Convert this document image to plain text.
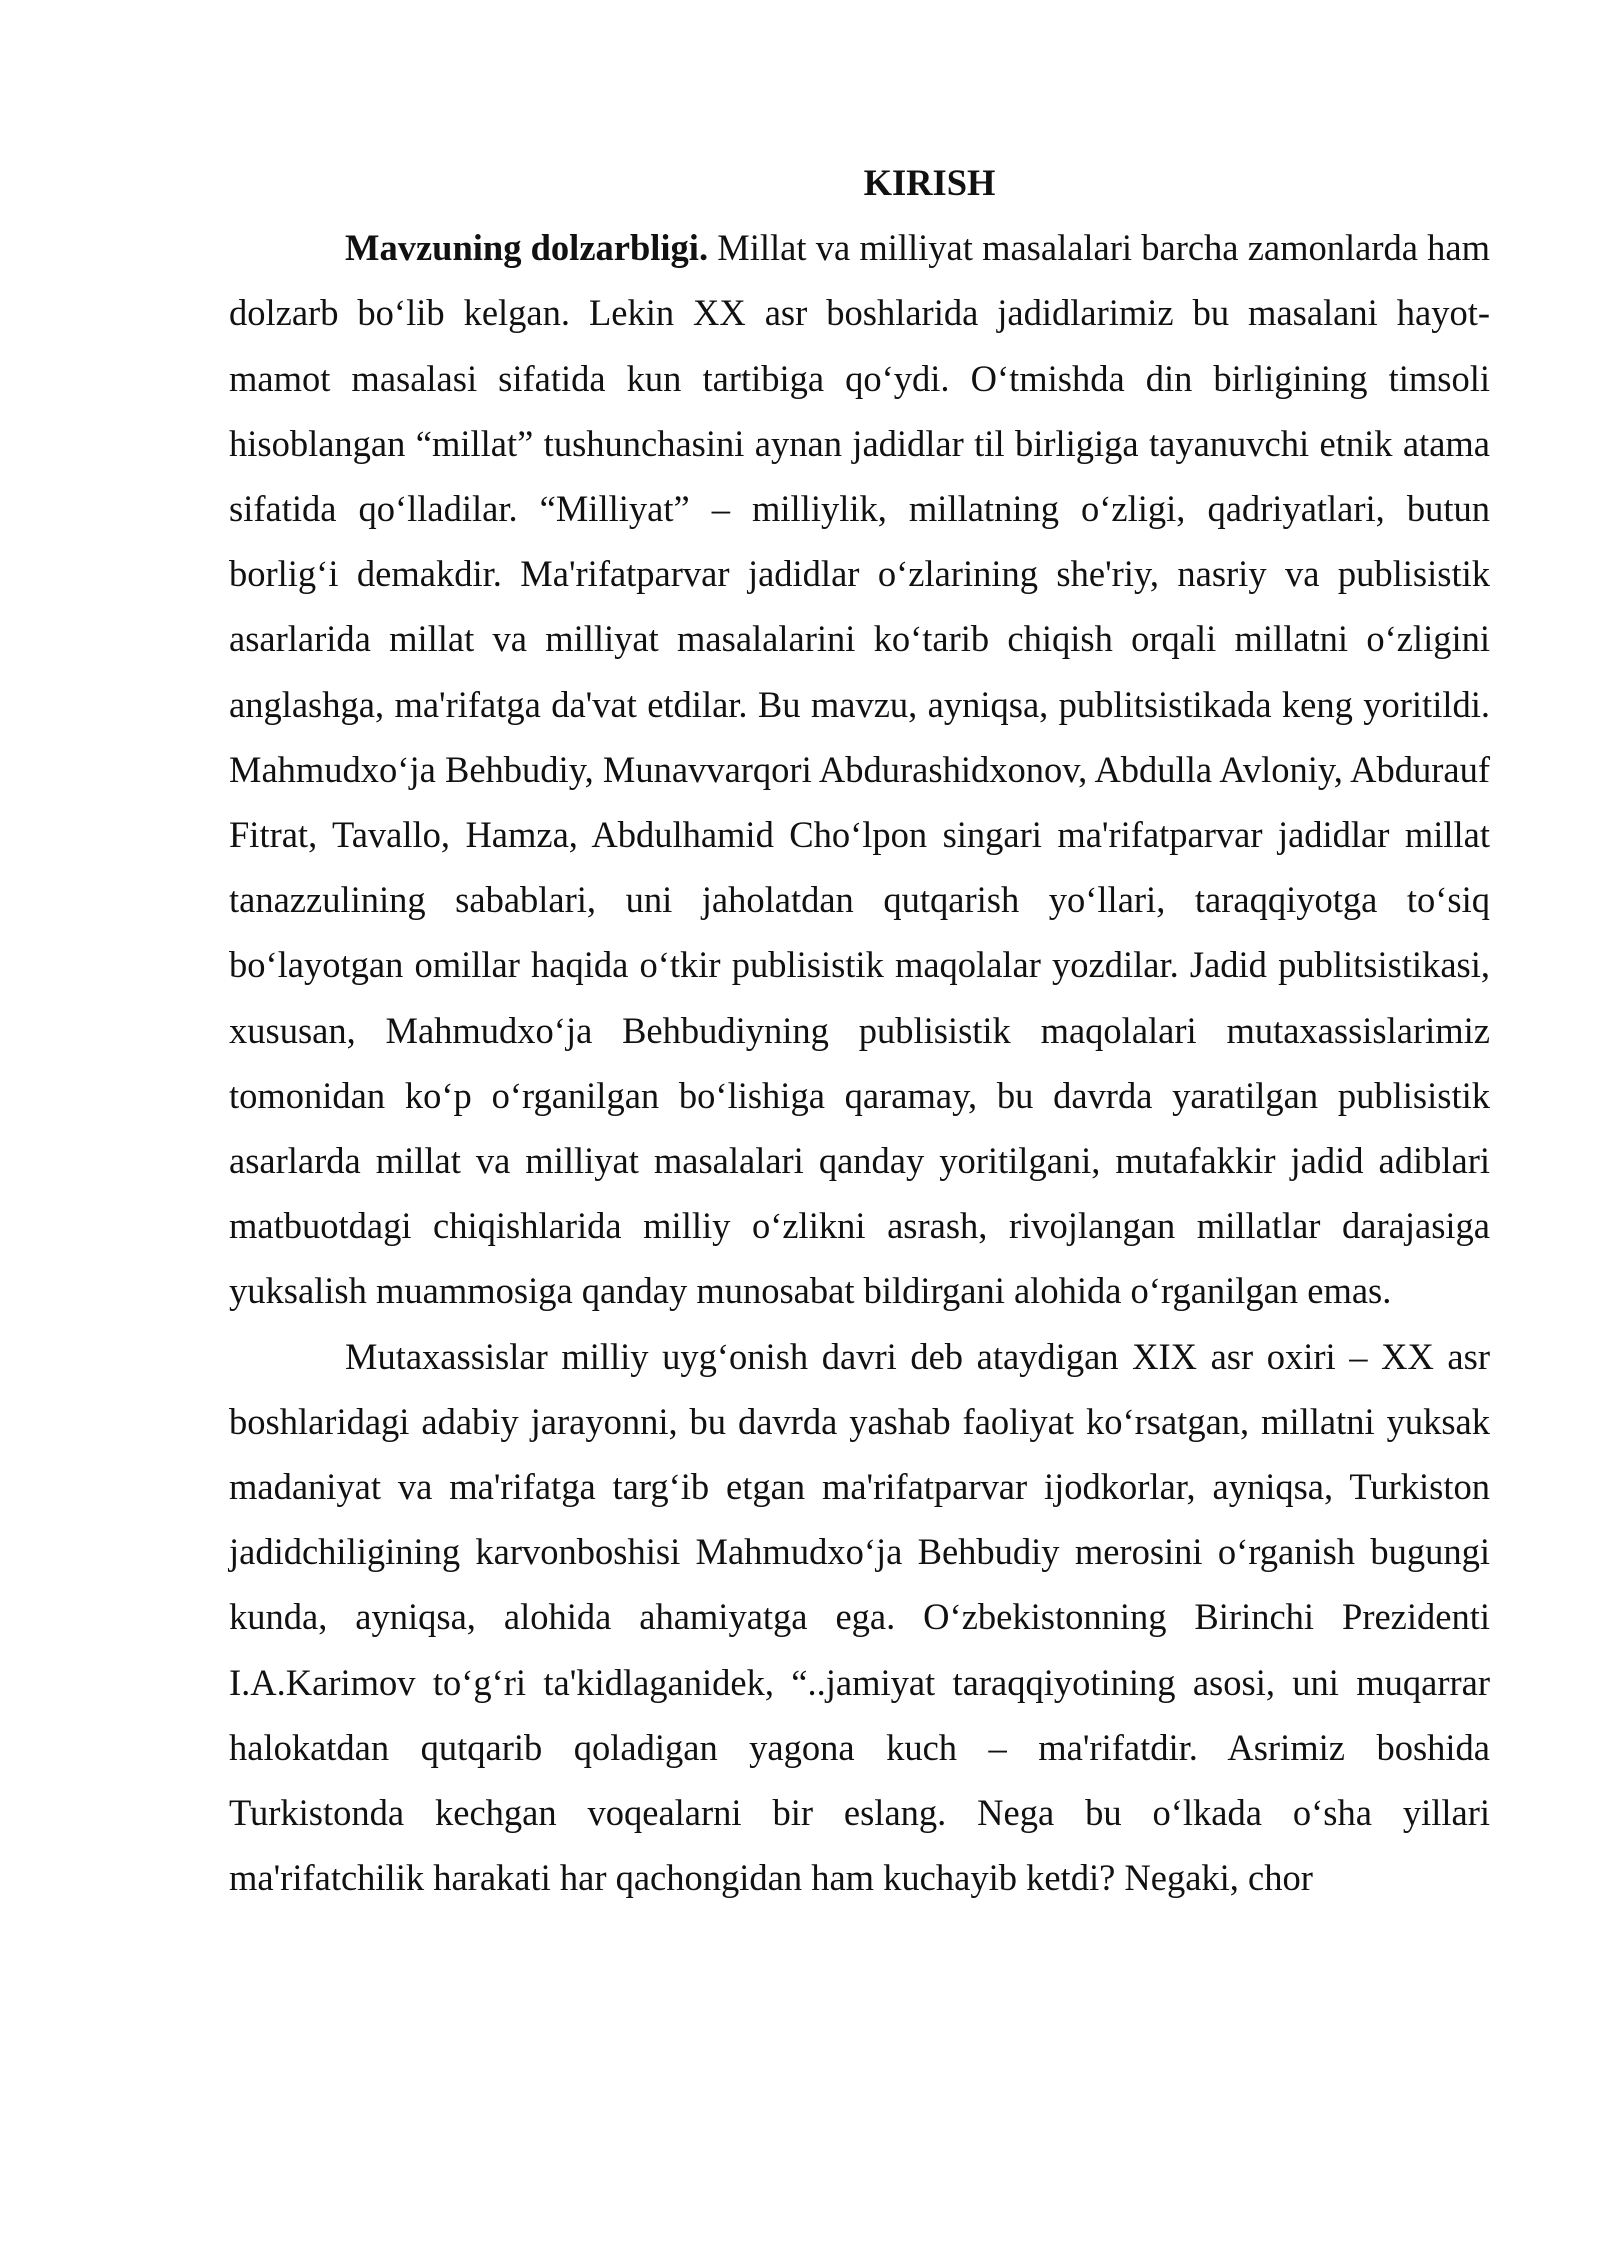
KIRISH

Mavzuning dolzarbligi. Millat va milliyat masalalari barcha zamonlarda ham dolzarb bo‘lib kelgan. Lekin XX asr boshlarida jadidlarimiz bu masalani hayot-mamot masalasi sifatida kun tartibiga qo‘ydi. O‘tmishda din birligining timsoli hisoblangan “millat” tushunchasini aynan jadidlar til birligiga tayanuvchi etnik atama sifatida qo‘lladilar. “Milliyat” – milliylik, millatning o‘zligi, qadriyatlari, butun borlig‘i demakdir. Ma'rifatparvar jadidlar o‘zlarining she'riy, nasriy va publisistik asarlarida millat va milliyat masalalarini ko‘tarib chiqish orqali millatni o‘zligini anglashga, ma'rifatga da'vat etdilar. Bu mavzu, ayniqsa, publitsistikada keng yoritildi. Mahmudxo‘ja Behbudiy, Munavvarqori Abdurashidxonov, Abdulla Avloniy, Abdurauf Fitrat, Tavallo, Hamza, Abdulhamid Cho‘lpon singari ma'rifatparvar jadidlar millat tanazzulining sabablari, uni jaholatdan qutqarish yo‘llari, taraqqiyotga to‘siq bo‘layotgan omillar haqida o‘tkir publisistik maqolalar yozdilar. Jadid publitsistikasi, xususan, Mahmudxo‘ja Behbudiyning publisistik maqolalari mutaxassislarimiz tomonidan ko‘p o‘rganilgan bo‘lishiga qaramay, bu davrda yaratilgan publisistik asarlarda millat va milliyat masalalari qanday yoritilgani, mutafakkir jadid adiblari matbuotdagi chiqishlarida milliy o‘zlikni asrash, rivojlangan millatlar darajasiga yuksalish muammosiga qanday munosabat bildirgani alohida o‘rganilgan emas.

Mutaxassislar milliy uyg‘onish davri deb ataydigan XIX asr oxiri – XX asr boshlaridagi adabiy jarayonni, bu davrda yashab faoliyat ko‘rsatgan, millatni yuksak madaniyat va ma'rifatga targ‘ib etgan ma'rifatparvar ijodkorlar, ayniqsa, Turkiston jadidchiligining karvonboshisi Mahmudxo‘ja Behbudiy merosini o‘rganish bugungi kunda, ayniqsa, alohida ahamiyatga ega. O‘zbekistonning Birinchi Prezidenti I.A.Karimov to‘g‘ri ta'kidlaganidek, “..jamiyat taraqqiyotining asosi, uni muqarrar halokatdan qutqarib qoladigan yagona kuch – ma'rifatdir. Asrimiz boshida Turkistonda kechgan voqealarni bir eslang. Nega bu o‘lkada o‘sha yillari ma'rifatchilik harakati har qachongidan ham kuchayib ketdi? Negaki, chor
